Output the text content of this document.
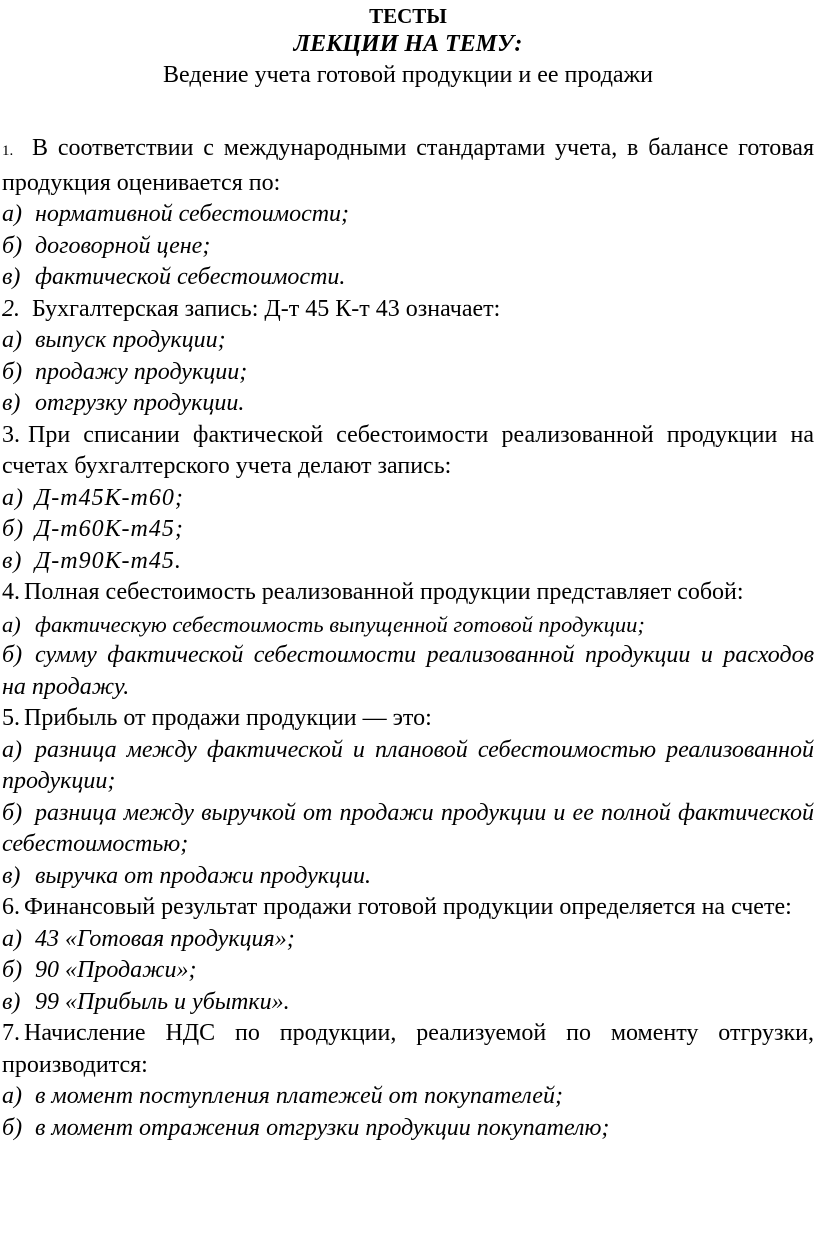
ТЕСТЫ
ЛЕКЦИИ НА ТЕМУ:
Ведение учета готовой продукции и ее продажи

1. В соответствии с международными стандартами учета, в балансе готовая продукция оценивается по:

а) нормативной себестоимости;

б) договорной цене;

в) фактической себестоимости.

2. Бухгалтерская запись: Д-т 45 К-т 43 означает:

а) выпуск продукции;

б) продажу продукции;

в) отгрузку продукции.

3. При списании фактической себестоимости реализованной продукции на счетах бухгалтерского учета делают запись:

а) Д-т45К-т60;

б) Д-т60К-т45;

в) Д-т90К-т45.

4. Полная себестоимость реализованной продукции представляет собой:

а) фактическую себестоимость выпущенной готовой продукции;

б) сумму фактической себестоимости реализованной продукции и расходов на продажу.

5. Прибыль от продажи продукции — это:

а) разница между фактической и плановой себестоимостью реализованной продукции;

б) разница между выручкой от продажи продукции и ее полной фактической себестоимостью;

в) выручка от продажи продукции.

6. Финансовый результат продажи готовой продукции определяется на счете:

а) 43 «Готовая продукция»;

б) 90 «Продажи»;

в) 99 «Прибыль и убытки».

7. Начисление НДС по продукции, реализуемой по моменту отгрузки, производится:

а) в момент поступления платежей от покупателей;

б) в момент отражения отгрузки продукции покупателю;
